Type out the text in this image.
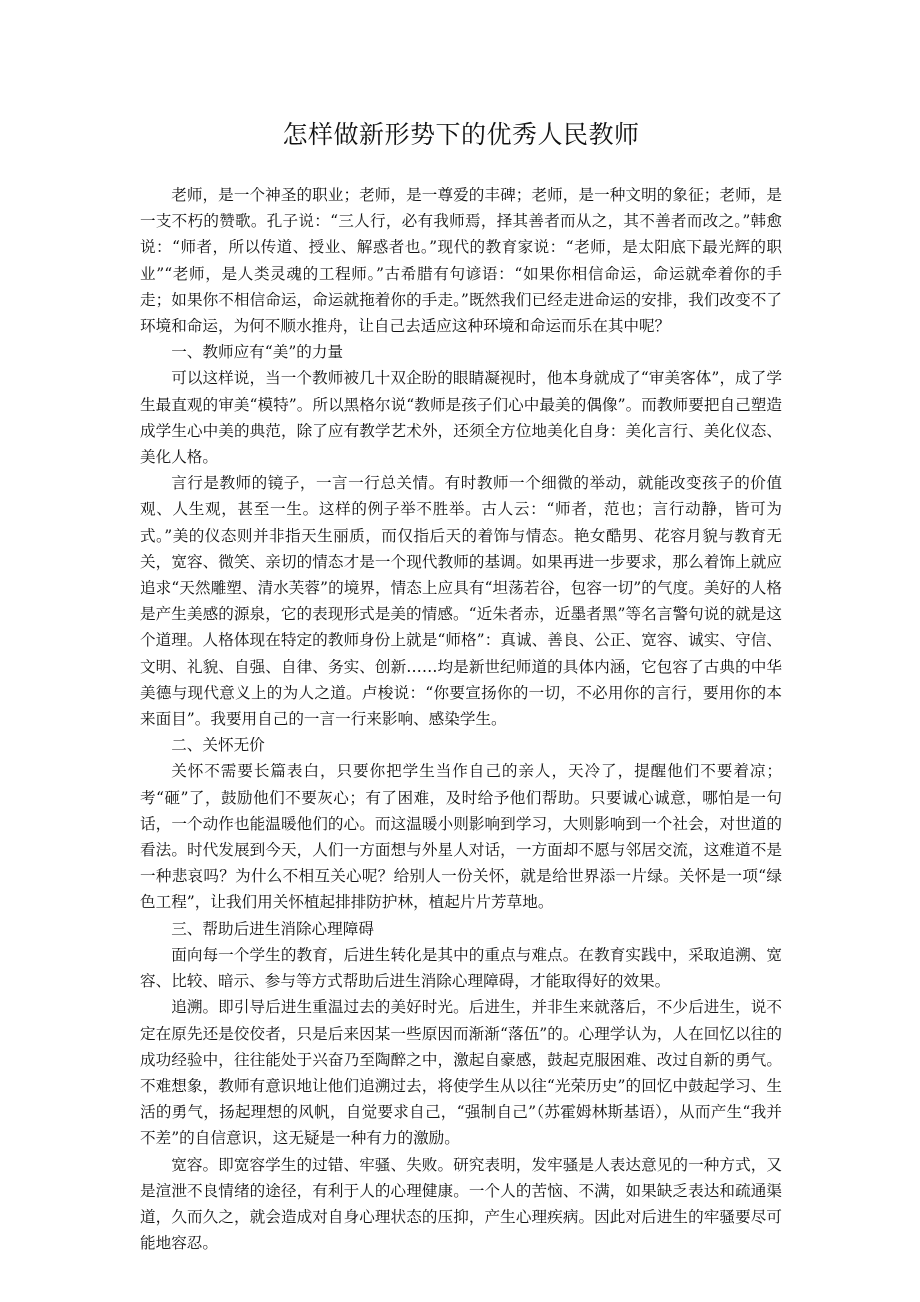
怎样做新形势下的优秀人民教师

老师，是一个神圣的职业；老师，是一尊爱的丰碑；老师，是一种文明的象征；老师，是一支不朽的赞歌。孔子说：“三人行，必有我师焉，择其善者而从之，其不善者而改之。”韩愈说：“师者，所以传道、授业、解惑者也。”现代的教育家说：“老师，是太阳底下最光辉的职业”“老师，是人类灵魂的工程师。”古希腊有句谚语：“如果你相信命运，命运就牵着你的手走；如果你不相信命运，命运就拖着你的手走。”既然我们已经走进命运的安排，我们改变不了环境和命运，为何不顺水推舟，让自己去适应这种环境和命运而乐在其中呢？

一、教师应有“美”的力量

可以这样说，当一个教师被几十双企盼的眼睛凝视时，他本身就成了“审美客体”，成了学生最直观的审美“模特”。所以黑格尔说“教师是孩子们心中最美的偶像”。而教师要把自己塑造成学生心中美的典范，除了应有教学艺术外，还须全方位地美化自身：美化言行、美化仪态、美化人格。

言行是教师的镜子，一言一行总关情。有时教师一个细微的举动，就能改变孩子的价值观、人生观，甚至一生。这样的例子举不胜举。古人云：“师者，范也；言行动静，皆可为式。”美的仪态则并非指天生丽质，而仅指后天的着饰与情态。艳女酷男、花容月貌与教育无关，宽容、微笑、亲切的情态才是一个现代教师的基调。如果再进一步要求，那么着饰上就应追求“天然雕塑、清水芙蓉”的境界，情态上应具有“坦荡若谷，包容一切”的气度。美好的人格是产生美感的源泉，它的表现形式是美的情感。“近朱者赤，近墨者黑”等名言警句说的就是这个道理。人格体现在特定的教师身份上就是“师格”：真诚、善良、公正、宽容、诚实、守信、文明、礼貌、自强、自律、务实、创新……均是新世纪师道的具体内涵，它包容了古典的中华美德与现代意义上的为人之道。卢梭说：“你要宣扬你的一切，不必用你的言行，要用你的本来面目”。我要用自己的一言一行来影响、感染学生。

二、关怀无价

关怀不需要长篇表白，只要你把学生当作自己的亲人，天冷了，提醒他们不要着凉；考“砸”了，鼓励他们不要灰心；有了困难，及时给予他们帮助。只要诚心诚意，哪怕是一句话，一个动作也能温暖他们的心。而这温暖小则影响到学习，大则影响到一个社会，对世道的看法。时代发展到今天，人们一方面想与外星人对话，一方面却不愿与邻居交流，这难道不是一种悲哀吗？为什么不相互关心呢？给别人一份关怀，就是给世界添一片绿。关怀是一项“绿色工程”，让我们用关怀植起排排防护林，植起片片芳草地。

三、帮助后进生消除心理障碍

面向每一个学生的教育，后进生转化是其中的重点与难点。在教育实践中，采取追溯、宽容、比较、暗示、参与等方式帮助后进生消除心理障碍，才能取得好的效果。

追溯。即引导后进生重温过去的美好时光。后进生，并非生来就落后，不少后进生，说不定在原先还是佼佼者，只是后来因某一些原因而渐渐“落伍”的。心理学认为，人在回忆以往的成功经验中，往往能处于兴奋乃至陶醉之中，激起自豪感，鼓起克服困难、改过自新的勇气。不难想象，教师有意识地让他们追溯过去，将使学生从以往“光荣历史”的回忆中鼓起学习、生活的勇气，扬起理想的风帆，自觉要求自己，“强制自己”（苏霍姆林斯基语），从而产生“我并不差”的自信意识，这无疑是一种有力的激励。

宽容。即宽容学生的过错、牢骚、失败。研究表明，发牢骚是人表达意见的一种方式，又是渲泄不良情绪的途径，有利于人的心理健康。一个人的苦恼、不满，如果缺乏表达和疏通渠道，久而久之，就会造成对自身心理状态的压抑，产生心理疾病。因此对后进生的牢骚要尽可能地容忍。
